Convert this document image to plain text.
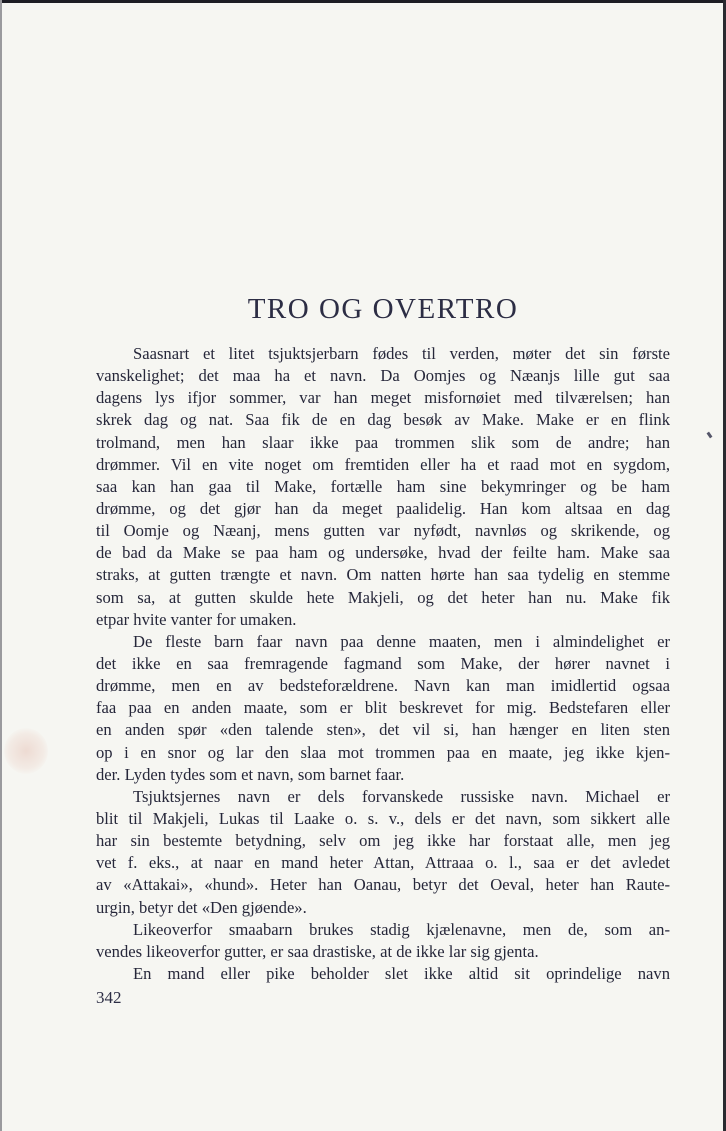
TRO OG OVERTRO
Saasnart et litet tsjuktsjerbarn fødes til verden, møter det sin første
vanskelighet; det maa ha et navn. Da Oomjes og Næanjs lille gut saa
dagens lys ifjor sommer, var han meget misfornøiet med tilværelsen; han
skrek dag og nat. Saa fik de en dag besøk av Make. Make er en flink
trolmand, men han slaar ikke paa trommen slik som de andre; han
drømmer. Vil en vite noget om fremtiden eller ha et raad mot en sygdom,
saa kan han gaa til Make, fortælle ham sine bekymringer og be ham
drømme, og det gjør han da meget paalidelig. Han kom altsaa en dag
til Oomje og Næanj, mens gutten var nyfødt, navnløs og skrikende, og
de bad da Make se paa ham og undersøke, hvad der feilte ham. Make saa
straks, at gutten trængte et navn. Om natten hørte han saa tydelig en stemme
som sa, at gutten skulde hete Makjeli, og det heter han nu. Make fik
etpar hvite vanter for umaken.
De fleste barn faar navn paa denne maaten, men i almindelighet er
det ikke en saa fremragende fagmand som Make, der hører navnet i
drømme, men en av bedsteforældrene. Navn kan man imidlertid ogsaa
faa paa en anden maate, som er blit beskrevet for mig. Bedstefaren eller
en anden spør «den talende sten», det vil si, han hænger en liten sten
op i en snor og lar den slaa mot trommen paa en maate, jeg ikke kjen-
der. Lyden tydes som et navn, som barnet faar.
Tsjuktsjernes navn er dels forvanskede russiske navn. Michael er
blit til Makjeli, Lukas til Laake o. s. v., dels er det navn, som sikkert alle
har sin bestemte betydning, selv om jeg ikke har forstaat alle, men jeg
vet f. eks., at naar en mand heter Attan, Attraaa o. l., saa er det avledet
av «Attakai», «hund». Heter han Oanau, betyr det Oeval, heter han Raute-
urgin, betyr det «Den gjøende».
Likeoverfor smaabarn brukes stadig kjælenavne, men de, som an-
vendes likeoverfor gutter, er saa drastiske, at de ikke lar sig gjenta.
En mand eller pike beholder slet ikke altid sit oprindelige navn
342
